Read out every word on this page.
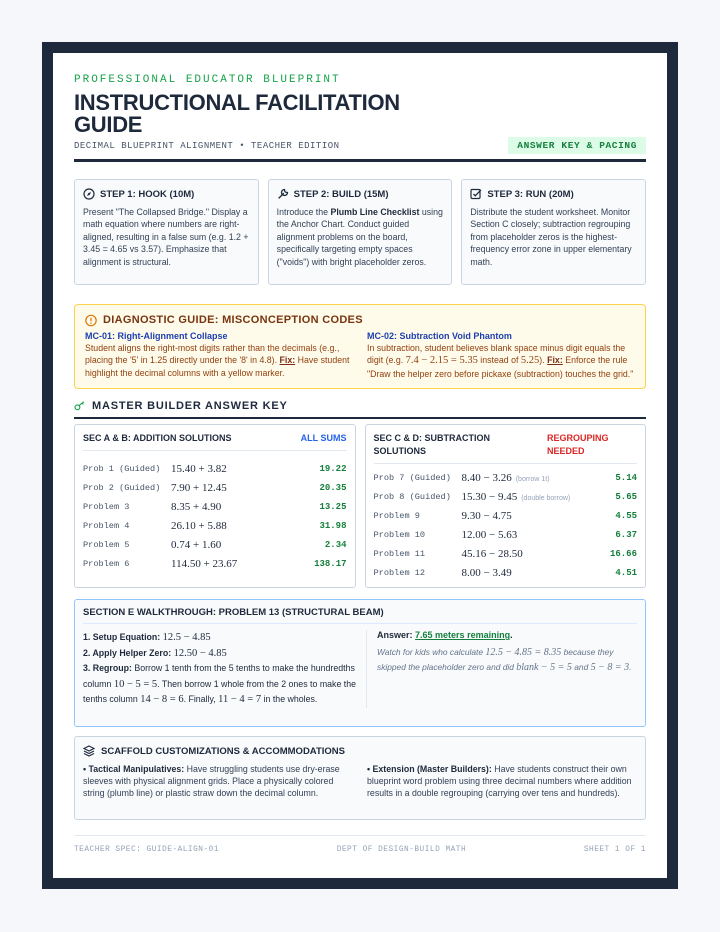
PROFESSIONAL EDUCATOR BLUEPRINT
INSTRUCTIONAL FACILITATION GUIDE
DECIMAL BLUEPRINT ALIGNMENT • TEACHER EDITION	ANSWER KEY & PACING
STEP 1: HOOK (10M)
Present "The Collapsed Bridge." Display a math equation where numbers are right-aligned, resulting in a false sum (e.g. 1.2 + 3.45 = 4.65 vs 3.57). Emphasize that alignment is structural.
STEP 2: BUILD (15M)
Introduce the Plumb Line Checklist using the Anchor Chart. Conduct guided alignment problems on the board, specifically targeting empty spaces ("voids") with bright placeholder zeros.
STEP 3: RUN (20M)
Distribute the student worksheet. Monitor Section C closely; subtraction regrouping from placeholder zeros is the highest-frequency error zone in upper elementary math.
DIAGNOSTIC GUIDE: MISCONCEPTION CODES
MC-01: Right-Alignment Collapse
Student aligns the right-most digits rather than the decimals (e.g., placing the '5' in 1.25 directly under the '8' in 4.8). Fix: Have student highlight the decimal columns with a yellow marker.
MC-02: Subtraction Void Phantom
In subtraction, student believes blank space minus digit equals the digit (e.g. 7.4 − 2.15 = 5.35 instead of 5.25). Fix: Enforce the rule "Draw the helper zero before pickaxe (subtraction) touches the grid."
MASTER BUILDER ANSWER KEY
SEC A & B: ADDITION SOLUTIONS	ALL SUMS
Prob 1 (Guided) 15.40 + 3.82	19.22
Prob 2 (Guided) 7.90 + 12.45	20.35
Problem 3	8.35 + 4.90	13.25
Problem 4	26.10 + 5.88	31.98
Problem 5	0.74 + 1.60	2.34
Problem 6	114.50 + 23.67	138.17
SEC C & D: SUBTRACTION SOLUTIONS
REGROUPING NEEDED
Prob 7 (Guided) 8.40 − 3.26 (borrow 1t)	5.14
Prob 8 (Guided) 15.30 − 9.45 (double borrow)	5.65
Problem 9	9.30 − 4.75	4.55
Problem 10	12.00 − 5.63	6.37
Problem 11	45.16 − 28.50	16.66
Problem 12	8.00 − 3.49	4.51
SECTION E WALKTHROUGH: PROBLEM 13 (STRUCTURAL BEAM)
1. Setup Equation: 12.5 − 4.85
2. Apply Helper Zero: 12.50 − 4.85
3. Regroup: Borrow 1 tenth from the 5 tenths to make the hundredths column 10 − 5 = 5. Then borrow 1 whole from the 2 ones to make the tenths column 14 − 8 = 6. Finally, 11 − 4 = 7 in the wholes.
Answer: 7.65 meters remaining.
Watch for kids who calculate 12.5 − 4.85 = 8.35 because they skipped the placeholder zero and did blank − 5 = 5 and 5 − 8 = 3.
SCAFFOLD CUSTOMIZATIONS & ACCOMMODATIONS
• Tactical Manipulatives: Have struggling students use dry-erase sleeves with physical alignment grids. Place a physically colored string (plumb line) or plastic straw down the decimal column.
• Extension (Master Builders): Have students construct their own blueprint word problem using three decimal numbers where addition results in a double regrouping (carrying over tens and hundreds).
TEACHER SPEC: GUIDE-ALIGN-01	DEPT OF DESIGN-BUILD MATH	SHEET 1 OF 1
